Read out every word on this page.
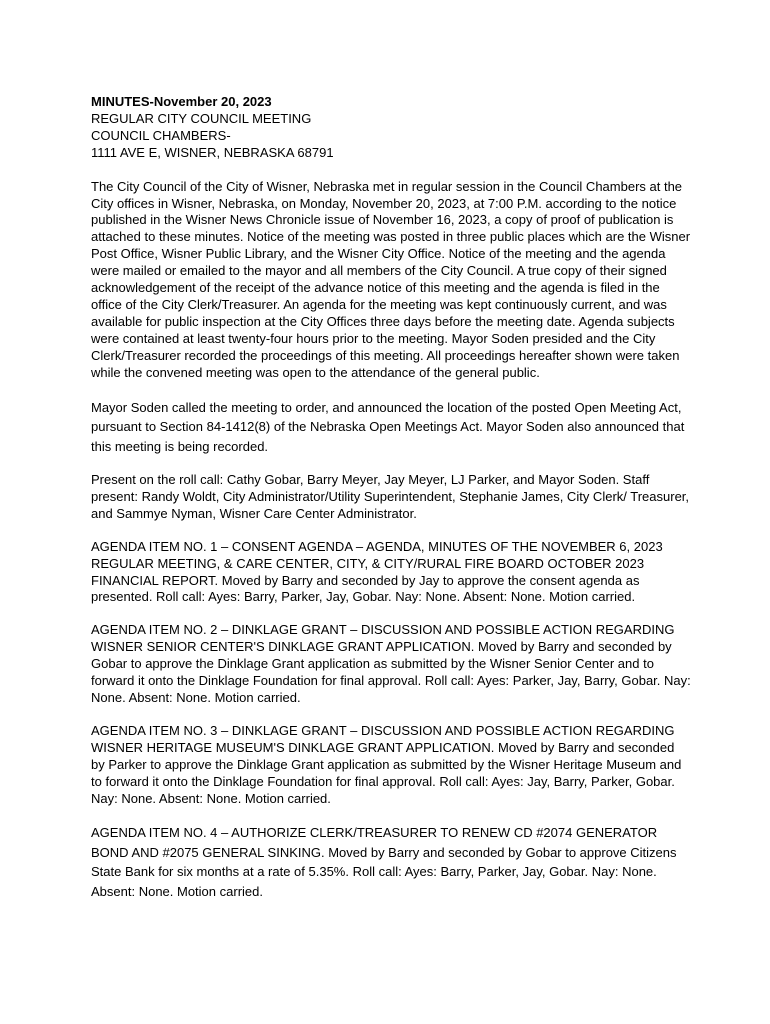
MINUTES-November 20, 2023
REGULAR CITY COUNCIL MEETING
COUNCIL CHAMBERS-
1111 AVE E, WISNER, NEBRASKA 68791

The City Council of the City of Wisner, Nebraska met in regular session in the Council Chambers at the City offices in Wisner, Nebraska, on Monday, November 20, 2023, at 7:00 P.M. according to the notice published in the Wisner News Chronicle issue of November 16, 2023, a copy of proof of publication is attached to these minutes. Notice of the meeting was posted in three public places which are the Wisner Post Office, Wisner Public Library, and the Wisner City Office. Notice of the meeting and the agenda were mailed or emailed to the mayor and all members of the City Council. A true copy of their signed acknowledgement of the receipt of the advance notice of this meeting and the agenda is filed in the office of the City Clerk/Treasurer. An agenda for the meeting was kept continuously current, and was available for public inspection at the City Offices three days before the meeting date. Agenda subjects were contained at least twenty-four hours prior to the meeting. Mayor Soden presided and the City Clerk/Treasurer recorded the proceedings of this meeting. All proceedings hereafter shown were taken while the convened meeting was open to the attendance of the general public.

Mayor Soden called the meeting to order, and announced the location of the posted Open Meeting Act, pursuant to Section 84-1412(8) of the Nebraska Open Meetings Act. Mayor Soden also announced that this meeting is being recorded.

Present on the roll call: Cathy Gobar, Barry Meyer, Jay Meyer, LJ Parker, and Mayor Soden. Staff present: Randy Woldt, City Administrator/Utility Superintendent, Stephanie James, City Clerk/ Treasurer, and Sammye Nyman, Wisner Care Center Administrator.

AGENDA ITEM NO. 1 – CONSENT AGENDA – AGENDA, MINUTES OF THE NOVEMBER 6, 2023 REGULAR MEETING, & CARE CENTER, CITY, & CITY/RURAL FIRE BOARD OCTOBER 2023 FINANCIAL REPORT. Moved by Barry and seconded by Jay to approve the consent agenda as presented. Roll call: Ayes: Barry, Parker, Jay, Gobar. Nay: None. Absent: None. Motion carried.

AGENDA ITEM NO. 2 – DINKLAGE GRANT – DISCUSSION AND POSSIBLE ACTION REGARDING WISNER SENIOR CENTER'S DINKLAGE GRANT APPLICATION. Moved by Barry and seconded by Gobar to approve the Dinklage Grant application as submitted by the Wisner Senior Center and to forward it onto the Dinklage Foundation for final approval. Roll call: Ayes: Parker, Jay, Barry, Gobar. Nay: None. Absent: None. Motion carried.

AGENDA ITEM NO. 3 – DINKLAGE GRANT – DISCUSSION AND POSSIBLE ACTION REGARDING WISNER HERITAGE MUSEUM'S DINKLAGE GRANT APPLICATION. Moved by Barry and seconded by Parker to approve the Dinklage Grant application as submitted by the Wisner Heritage Museum and to forward it onto the Dinklage Foundation for final approval. Roll call: Ayes: Jay, Barry, Parker, Gobar. Nay: None. Absent: None. Motion carried.

AGENDA ITEM NO. 4 – AUTHORIZE CLERK/TREASURER TO RENEW CD #2074 GENERATOR BOND AND #2075 GENERAL SINKING. Moved by Barry and seconded by Gobar to approve Citizens State Bank for six months at a rate of 5.35%. Roll call: Ayes: Barry, Parker, Jay, Gobar. Nay: None. Absent: None. Motion carried.
